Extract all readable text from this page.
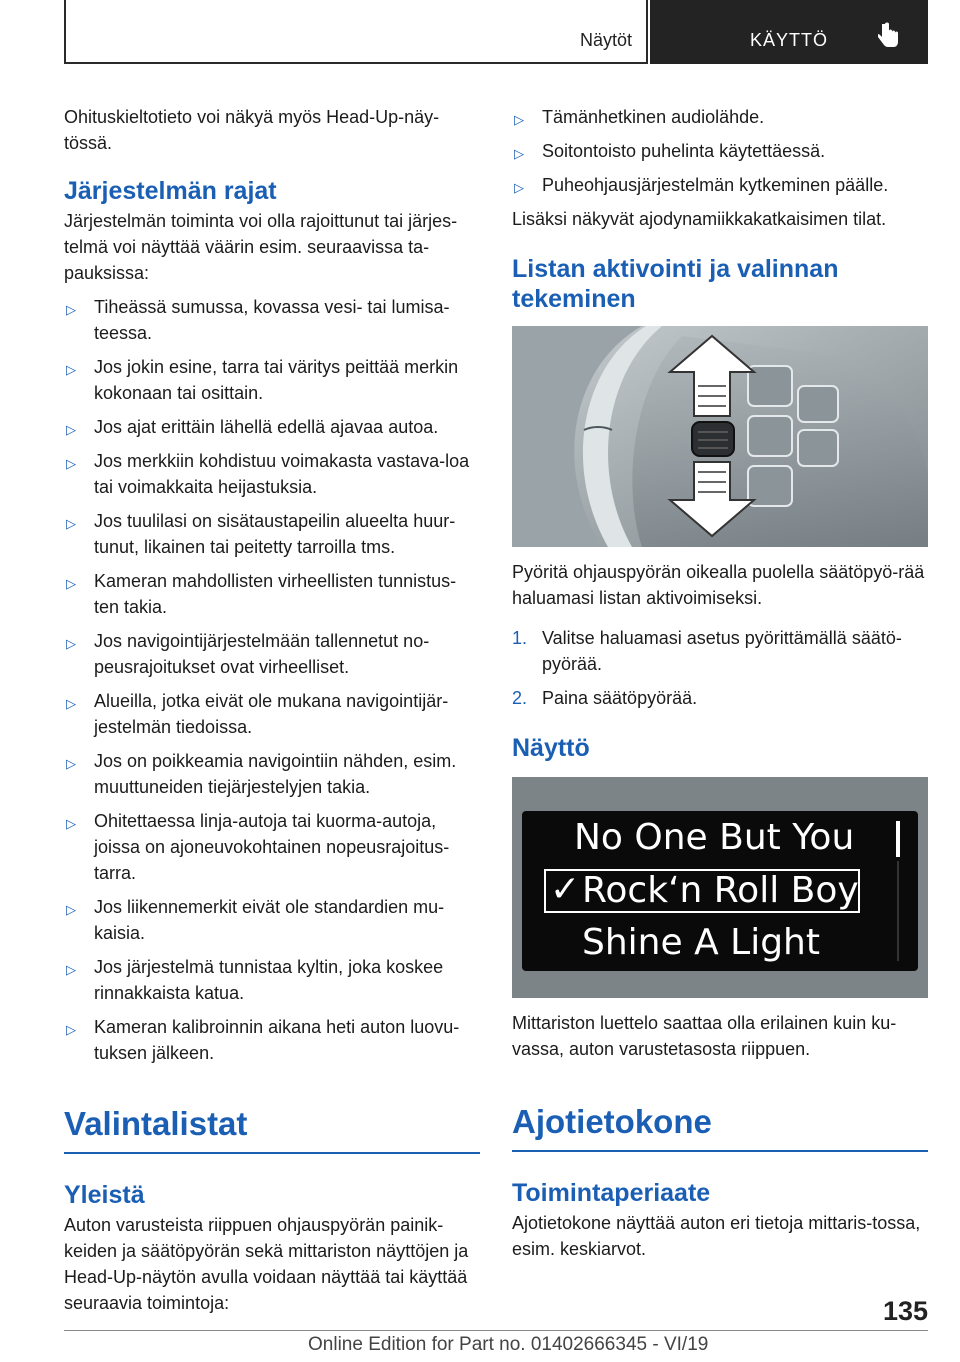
Näytöt	KÄYTTÖ

Ohituskieltotieto voi näkyä myös Head-Up-näy-tössä.

Järjestelmän rajat

Järjestelmän toiminta voi olla rajoittunut tai järjes-telmä voi näyttää väärin esim. seuraavissa ta-pauksissa:

▷ Tiheässä sumussa, kovassa vesi- tai lumisa-teessa.
▷ Jos jokin esine, tarra tai väritys peittää merkin kokonaan tai osittain.
▷ Jos ajat erittäin lähellä edellä ajavaa autoa.
▷ Jos merkkiin kohdistuu voimakasta vastava-loa tai voimakkaita heijastuksia.
▷ Jos tuulilasi on sisätaustapeilin alueelta huur-tunut, likainen tai peitetty tarroilla tms.
▷ Kameran mahdollisten virheellisten tunnistus-ten takia.
▷ Jos navigointijärjestelmään tallennetut no-peusrajoitukset ovat virheelliset.
▷ Alueilla, jotka eivät ole mukana navigointijär-jestelmän tiedoissa.
▷ Jos on poikkeamia navigointiin nähden, esim. muuttuneiden tiejärjestelyjen takia.
▷ Ohitettaessa linja-autoja tai kuorma-autoja, joissa on ajoneuvokohtainen nopeusrajoitus-tarra.
▷ Jos liikennemerkit eivät ole standardien mu-kaisia.
▷ Jos järjestelmä tunnistaa kyltin, joka koskee rinnakkaista katua.
▷ Kameran kalibroinnin aikana heti auton luovu-tuksen jälkeen.
Valintalistat
Yleistä

Auton varusteista riippuen ohjauspyörän painik-keiden ja säätöpyörän sekä mittariston näyttöjen ja Head-Up-näytön avulla voidaan näyttää tai käyttää seuraavia toimintoja:

▷ Tämänhetkinen audiolähde.
▷ Soitontoisto puhelinta käytettäessä.
▷ Puheohjausjärjestelmän kytkeminen päälle.

Lisäksi näkyvät ajodynamiikkakatkaisimen tilat.

Listan aktivointi ja valinnan tekeminen

Pyöritä ohjauspyörän oikealla puolella säätöpyö-rää haluamasi listan aktivoimiseksi.

1. Valitse haluamasi asetus pyörittämällä säätö-pyörää.
2. Paina säätöpyörää.
Näyttö
No One But You
✓ Rock‘n Roll Boy
Shine A Light

Mittariston luettelo saattaa olla erilainen kuin ku-vassa, auton varustetasosta riippuen.

Ajotietokone
Toimintaperiaate

Ajotietokone näyttää auton eri tietoja mittaris-tossa, esim. keskiarvot.

135
Online Edition for Part no. 01402666345 - VI/19
